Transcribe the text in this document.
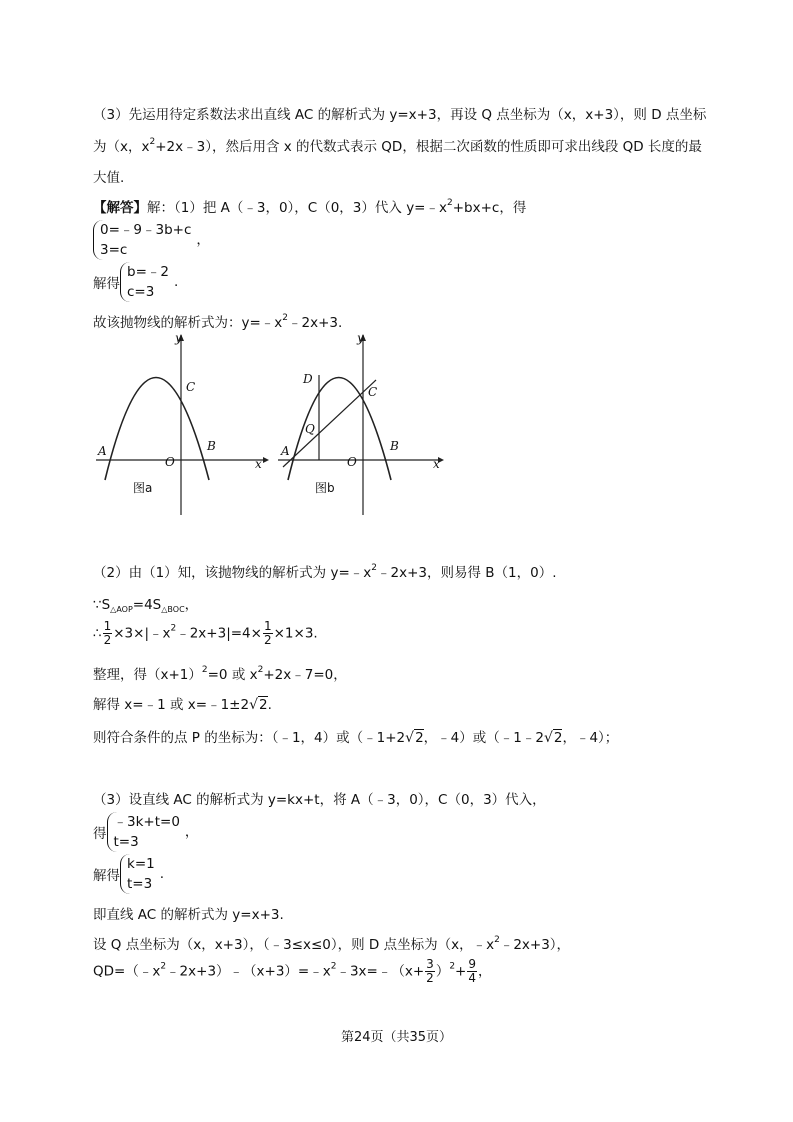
（3）先运用待定系数法求出直线 AC 的解析式为 y=x+3，再设 Q 点坐标为（x，x+3），则 D 点坐标
为（x，$x^2+2x﹣3$），然后用含 x 的代数式表示 QD，根据二次函数的性质即可求出线段 QD 长度的最
大值.
【解答】解：（1）把 A（﹣3，0），C（0，3）代入 $y=﹣x^2+bx+c$，得
0=﹣9﹣3b+c
3=c
，
解得
b=﹣2
c=3
.
故该抛物线的解析式为：$y=﹣x^2﹣2x+3$.
y
x
A	B
C
O
图a
y
x
A	B
C
O
D
Q
图b
（2）由（1）知，该抛物线的解析式为 $y=﹣x^2﹣2x+3$，则易得 B（1，0）.
$\because S_{\triangle AOP}=4S_{\triangle BOC}$，
∴ $\frac{1}{2}$ $\times 3\times|﹣x^2﹣2x+3|=4\times \frac{1}{2} \times 1\times 3$.
整理，得$(x+1)^2=0$ 或 $x^2+2x﹣7=0$，
解得 x=﹣1 或 x=﹣1±2√2.
则符合条件的点 P 的坐标为：（﹣1，4）或（﹣1+2√2，﹣4）或（﹣1﹣2√2，﹣4）；
（3）设直线 AC 的解析式为 y=kx+t，将 A（﹣3，0），C（0，3）代入，
得
﹣3k+t=0
t=3
，
解得
k=1
t=3
.
即直线 AC 的解析式为 y=x+3.
设 Q 点坐标为（x，x+3），（﹣3≤x≤0），则 D 点坐标为（x，$﹣x^2﹣2x+3$），
$QD=(﹣x^2﹣2x+3)﹣(x+3)=﹣x^2﹣3x=﹣(x+ \frac{3}{2} )^2+ \frac{9}{4}$ ，
第24页（共35页）
